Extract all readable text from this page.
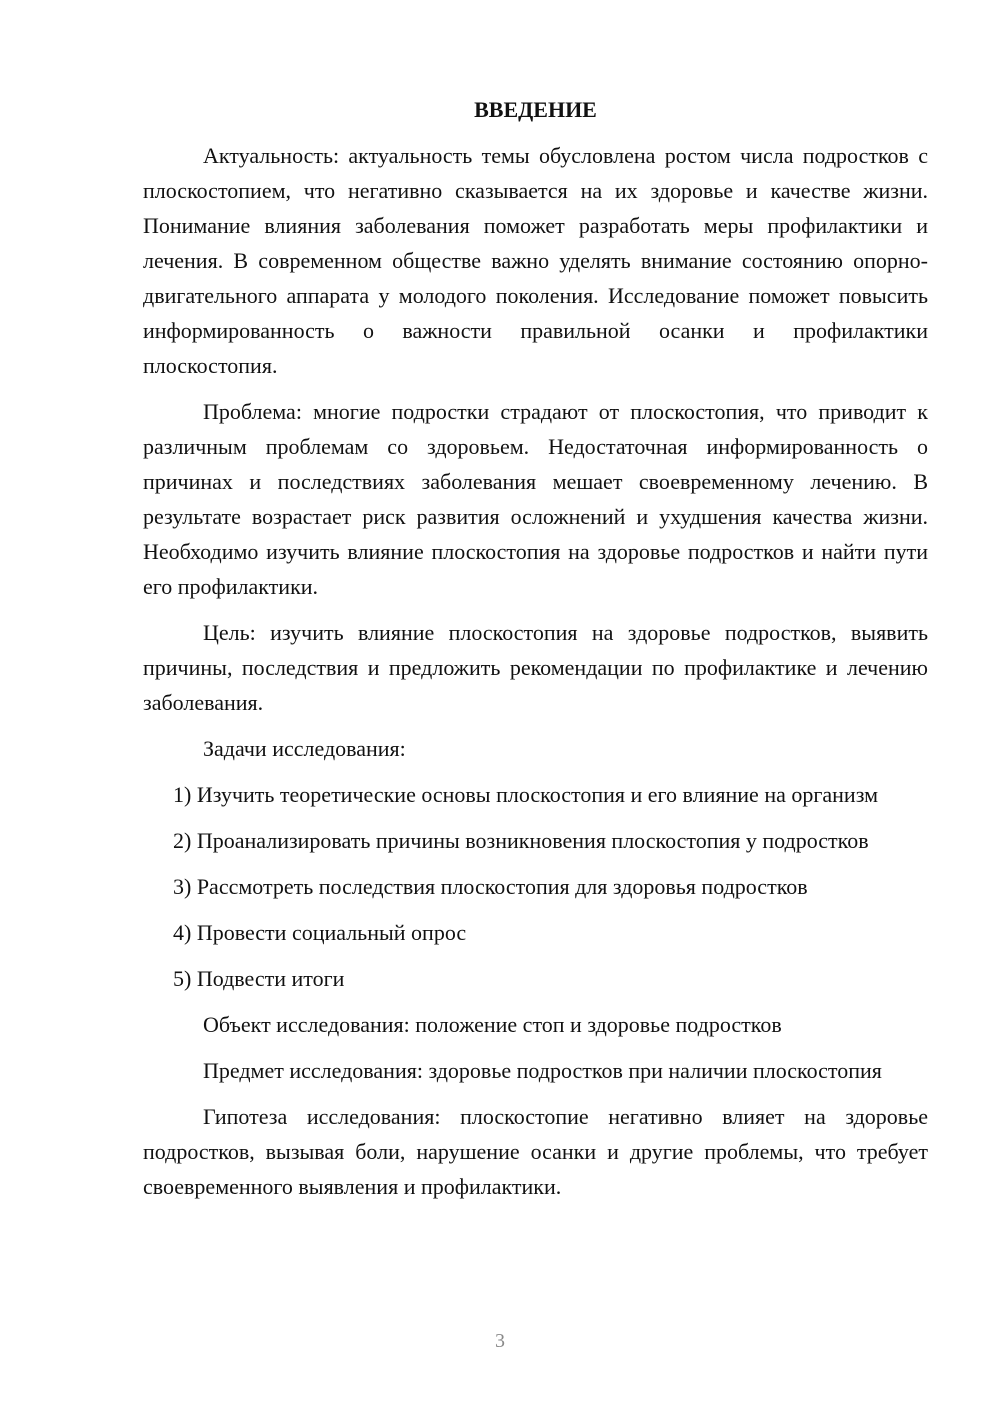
ВВЕДЕНИЕ

Актуальность: актуальность темы обусловлена ростом числа подростков с плоскостопием, что негативно сказывается на их здоровье и качестве жизни. Понимание влияния заболевания поможет разработать меры профилактики и лечения. В современном обществе важно уделять внимание состоянию опорно-двигательного аппарата у молодого поколения. Исследование поможет повысить информированность о важности правильной осанки и профилактики плоскостопия.

Проблема: многие подростки страдают от плоскостопия, что приводит к различным проблемам со здоровьем. Недостаточная информированность о причинах и последствиях заболевания мешает своевременному лечению. В результате возрастает риск развития осложнений и ухудшения качества жизни. Необходимо изучить влияние плоскостопия на здоровье подростков и найти пути его профилактики.

Цель: изучить влияние плоскостопия на здоровье подростков, выявить причины, последствия и предложить рекомендации по профилактике и лечению заболевания.

Задачи исследования:

1) Изучить теоретические основы плоскостопия и его влияние на организм

2) Проанализировать причины возникновения плоскостопия у подростков

3) Рассмотреть последствия плоскостопия для здоровья подростков

4) Провести социальный опрос

5) Подвести итоги

Объект исследования: положение стоп и здоровье подростков

Предмет исследования: здоровье подростков при наличии плоскостопия

Гипотеза исследования: плоскостопие негативно влияет на здоровье подростков, вызывая боли, нарушение осанки и другие проблемы, что требует своевременного выявления и профилактики.

3
